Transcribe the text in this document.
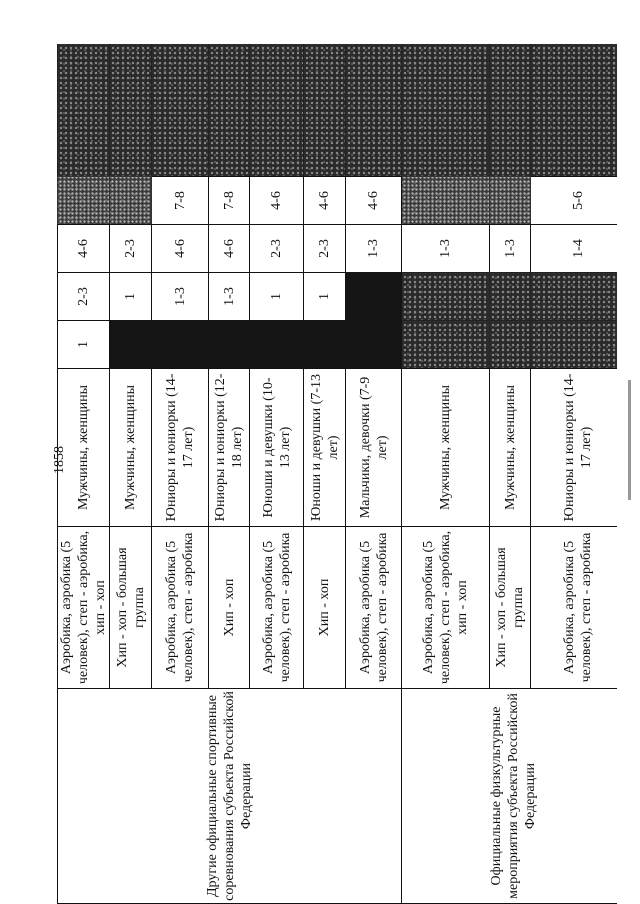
1858
Другие официальные спортивные соревнования субъекта Российской Федерации	Аэробика, аэробика (5 человек), степ - аэробика, хип - хоп	Мужчины, женщины	1	2-3	4-6		
	Хип - хоп - большая группа	Мужчины, женщины		1	2-3		
	Аэробика, аэробика (5 человек), степ - аэробика	Юниоры и юниорки (14-17 лет)		1-3	4-6	7-8	
	Хип - хоп	Юниоры и юниорки (12-18 лет)		1-3	4-6	7-8	
	Аэробика, аэробика (5 человек), степ - аэробика	Юноши и девушки (10-13 лет)		1	2-3	4-6	
	Хип - хоп	Юноши и девушки (7-13 лет)		1	2-3	4-6	
	Аэробика, аэробика (5 человек), степ - аэробика	Мальчики, девочки (7-9 лет)			1-3	4-6	
Официальные физкультурные мероприятия субъекта Российской Федерации	Аэробика, аэробика (5 человек), степ - аэробика, хип - хоп	Мужчины, женщины			1-3		
	Хип - хоп - большая группа	Мужчины, женщины			1-3		
	Аэробика, аэробика (5 человек), степ - аэробика	Юниоры и юниорки (14-17 лет)			1-4	5-6	
